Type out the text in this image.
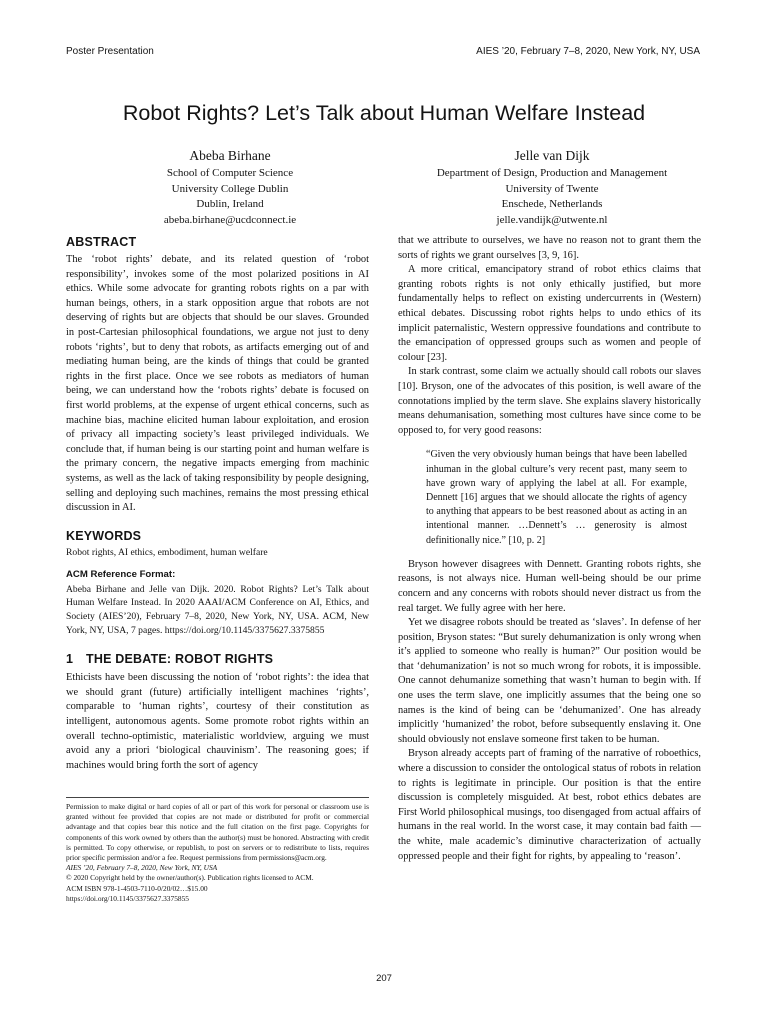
Poster Presentation	AIES ’20, February 7–8, 2020, New York, NY, USA
Robot Rights? Let’s Talk about Human Welfare Instead
Abeba Birhane
School of Computer Science
University College Dublin
Dublin, Ireland
abeba.birhane@ucdconnect.ie
Jelle van Dijk
Department of Design, Production and Management
University of Twente
Enschede, Netherlands
jelle.vandijk@utwente.nl
ABSTRACT

The ‘robot rights’ debate, and its related question of ‘robot responsibility’, invokes some of the most polarized positions in AI ethics. While some advocate for granting robots rights on a par with human beings, others, in a stark opposition argue that robots are not deserving of rights but are objects that should be our slaves. Grounded in post-Cartesian philosophical foundations, we argue not just to deny robots ‘rights’, but to deny that robots, as artifacts emerging out of and mediating human being, are the kinds of things that could be granted rights in the first place. Once we see robots as mediators of human being, we can understand how the ‘robots rights’ debate is focused on first world problems, at the expense of urgent ethical concerns, such as machine bias, machine elicited human labour exploitation, and erosion of privacy all impacting society’s least privileged individuals. We conclude that, if human being is our starting point and human welfare is the primary concern, the negative impacts emerging from machinic systems, as well as the lack of taking responsibility by people designing, selling and deploying such machines, remains the most pressing ethical discussion in AI.

KEYWORDS

Robot rights, AI ethics, embodiment, human welfare

ACM Reference Format:

Abeba Birhane and Jelle van Dijk. 2020. Robot Rights? Let’s Talk about Human Welfare Instead. In 2020 AAAI/ACM Conference on AI, Ethics, and Society (AIES’20), February 7–8, 2020, New York, NY, USA. ACM, New York, NY, USA, 7 pages. https://doi.org/10.1145/3375627.3375855

1 THE DEBATE: ROBOT RIGHTS

Ethicists have been discussing the notion of ‘robot rights’: the idea that we should grant (future) artificially intelligent machines ‘rights’, comparable to ‘human rights’, courtesy of their constitution as intelligent, autonomous agents. Some promote robot rights within an overall techno-optimistic, materialistic worldview, arguing we must avoid any a priori ‘biological chauvinism’. The reasoning goes; if machines would bring forth the sort of agency

Permission to make digital or hard copies of all or part of this work for personal or classroom use is granted without fee provided that copies are not made or distributed for profit or commercial advantage and that copies bear this notice and the full citation on the first page. Copyrights for components of this work owned by others than the author(s) must be honored. Abstracting with credit is permitted. To copy otherwise, or republish, to post on servers or to redistribute to lists, requires prior specific permission and/or a fee. Request permissions from permissions@acm.org.

AIES ’20, February 7–8, 2020, New York, NY, USA

© 2020 Copyright held by the owner/author(s). Publication rights licensed to ACM.

ACM ISBN 978-1-4503-7110-0/20/02…$15.00

https://doi.org/10.1145/3375627.3375855

that we attribute to ourselves, we have no reason not to grant them the sorts of rights we grant ourselves [3, 9, 16].

A more critical, emancipatory strand of robot ethics claims that granting robots rights is not only ethically justified, but more fundamentally helps to reflect on existing undercurrents in (Western) ethical debates. Discussing robot rights helps to undo ethics of its implicit paternalistic, Western oppressive foundations and contribute to the emancipation of oppressed groups such as women and people of colour [23].

In stark contrast, some claim we actually should call robots our slaves [10]. Bryson, one of the advocates of this position, is well aware of the connotations implied by the term slave. She explains slavery historically means dehumanisation, something most cultures have since come to be opposed to, for very good reasons:

“Given the very obviously human beings that have been labelled inhuman in the global culture’s very recent past, many seem to have grown wary of applying the label at all. For example, Dennett [16] argues that we should allocate the rights of agency to anything that appears to be best reasoned about as acting in an intentional manner. …Dennett’s … generosity is almost definitionally nice.” [10, p. 2]

Bryson however disagrees with Dennett. Granting robots rights, she reasons, is not always nice. Human well-being should be our prime concern and any concerns with robots should never distract us from the real target. We fully agree with her here.

Yet we disagree robots should be treated as ‘slaves’. In defense of her position, Bryson states: “But surely dehumanization is only wrong when it’s applied to someone who really is human?” Our position would be that ‘dehumanization’ is not so much wrong for robots, it is impossible. One cannot dehumanize something that wasn’t human to begin with. If one uses the term slave, one implicitly assumes that the being one so names is the kind of being can be ‘dehumanized’. One has already implicitly ‘humanized’ the robot, before subsequently enslaving it. One should obviously not enslave someone first taken to be human.

Bryson already accepts part of framing of the narrative of roboethics, where a discussion to consider the ontological status of robots in relation to rights is legitimate in principle. Our position is that the entire discussion is completely misguided. At best, robot ethics debates are First World philosophical musings, too disengaged from actual affairs of humans in the real world. In the worst case, it may contain bad faith — the white, male academic’s diminutive characterization of actually oppressed people and their fight for rights, by appealing to ‘reason’.

207
